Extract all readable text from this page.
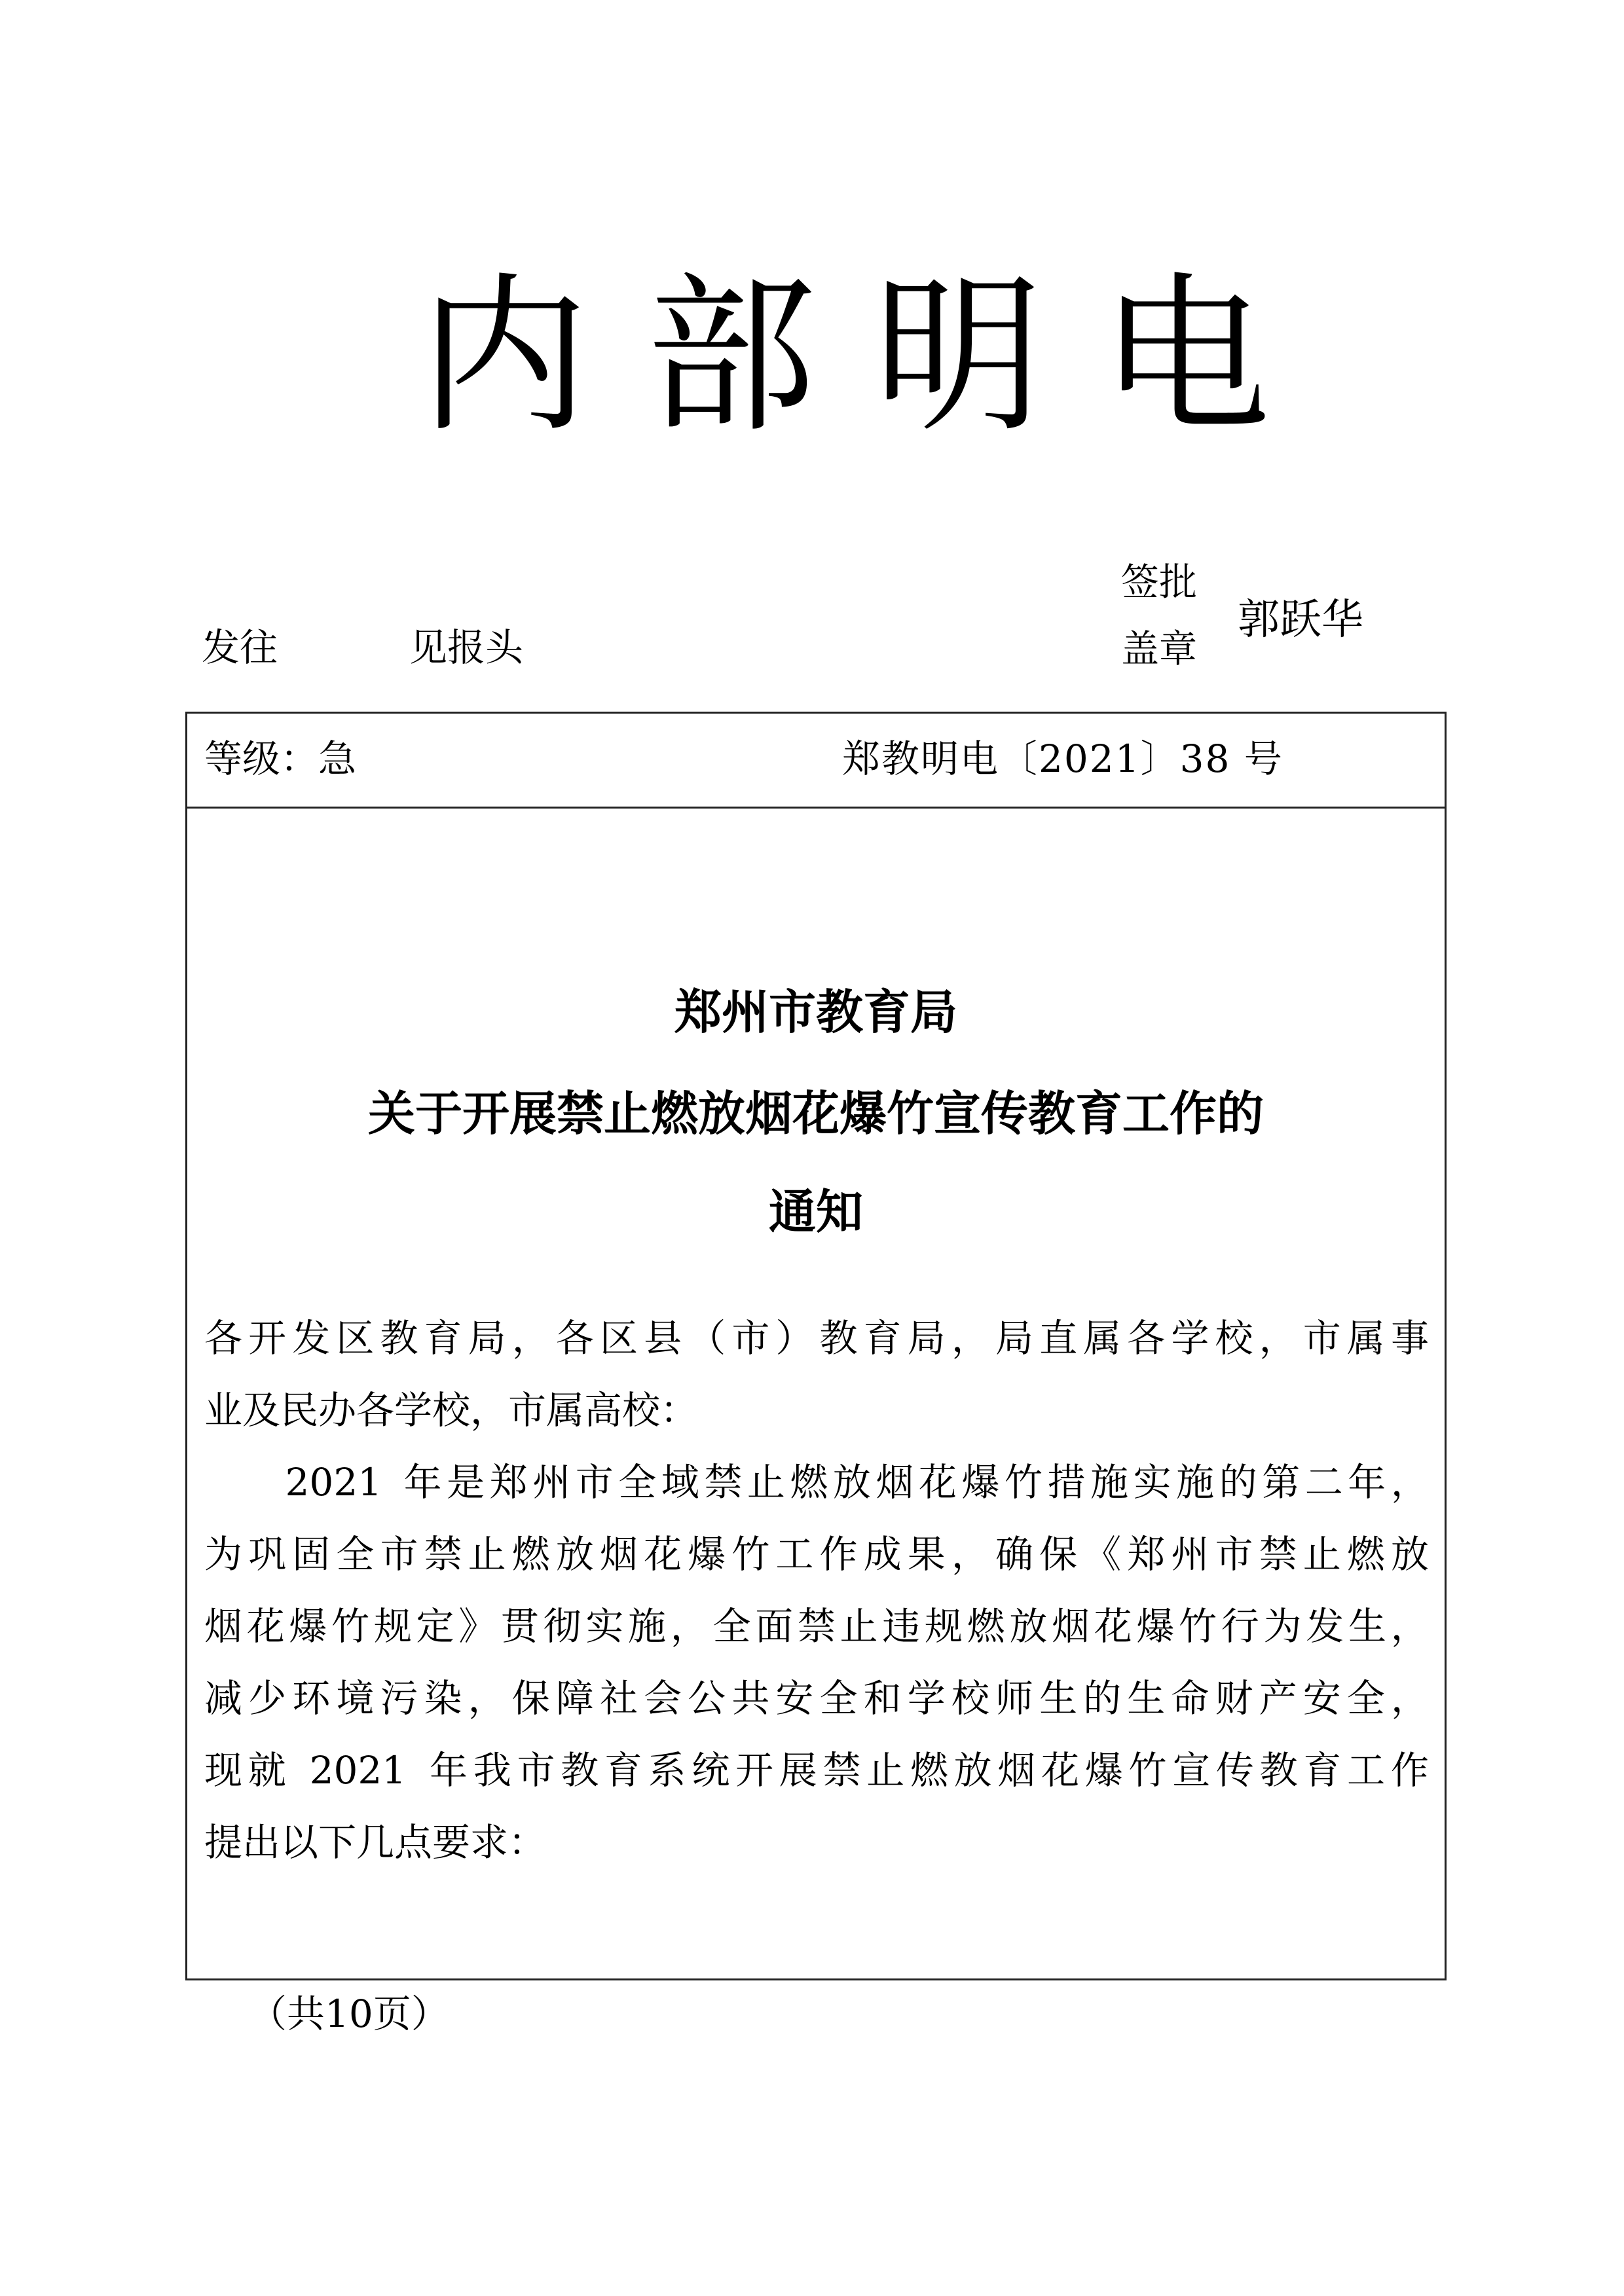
内 部 明 电
发往	见报头
签批
盖章
郭跃华
等级：急	郑教明电〔2021〕38 号
郑州市教育局
关于开展禁止燃放烟花爆竹宣传教育工作的
通知
各 开 发 区 教 育 局 ， 各 区 县 （ 市 ） 教 育 局 ， 局 直 属 各 学 校 ， 市 属 事
业及民办各学校，市属高校：

2021
年 是 郑 州 市 全 域 禁 止 燃 放 烟 花 爆 竹 措 施 实 施 的 第 二 年 ，
为 巩 固 全 市 禁 止 燃 放 烟 花 爆 竹 工 作 成 果 ， 确 保 《 郑 州 市 禁 止 燃 放
烟 花 爆 竹 规 定 》 贯 彻 实 施 ， 全 面 禁 止 违 规 燃 放 烟 花 爆 竹 行 为 发 生 ，
减 少 环 境 污 染 ， 保 障 社 会 公 共 安 全 和 学 校 师 生 的 生 命 财 产 安 全 ，
现 就
2021
年 我 市 教 育 系 统 开 展 禁 止 燃 放 烟 花 爆 竹 宣 传 教 育 工 作
提出以下几点要求：
（共10页）
